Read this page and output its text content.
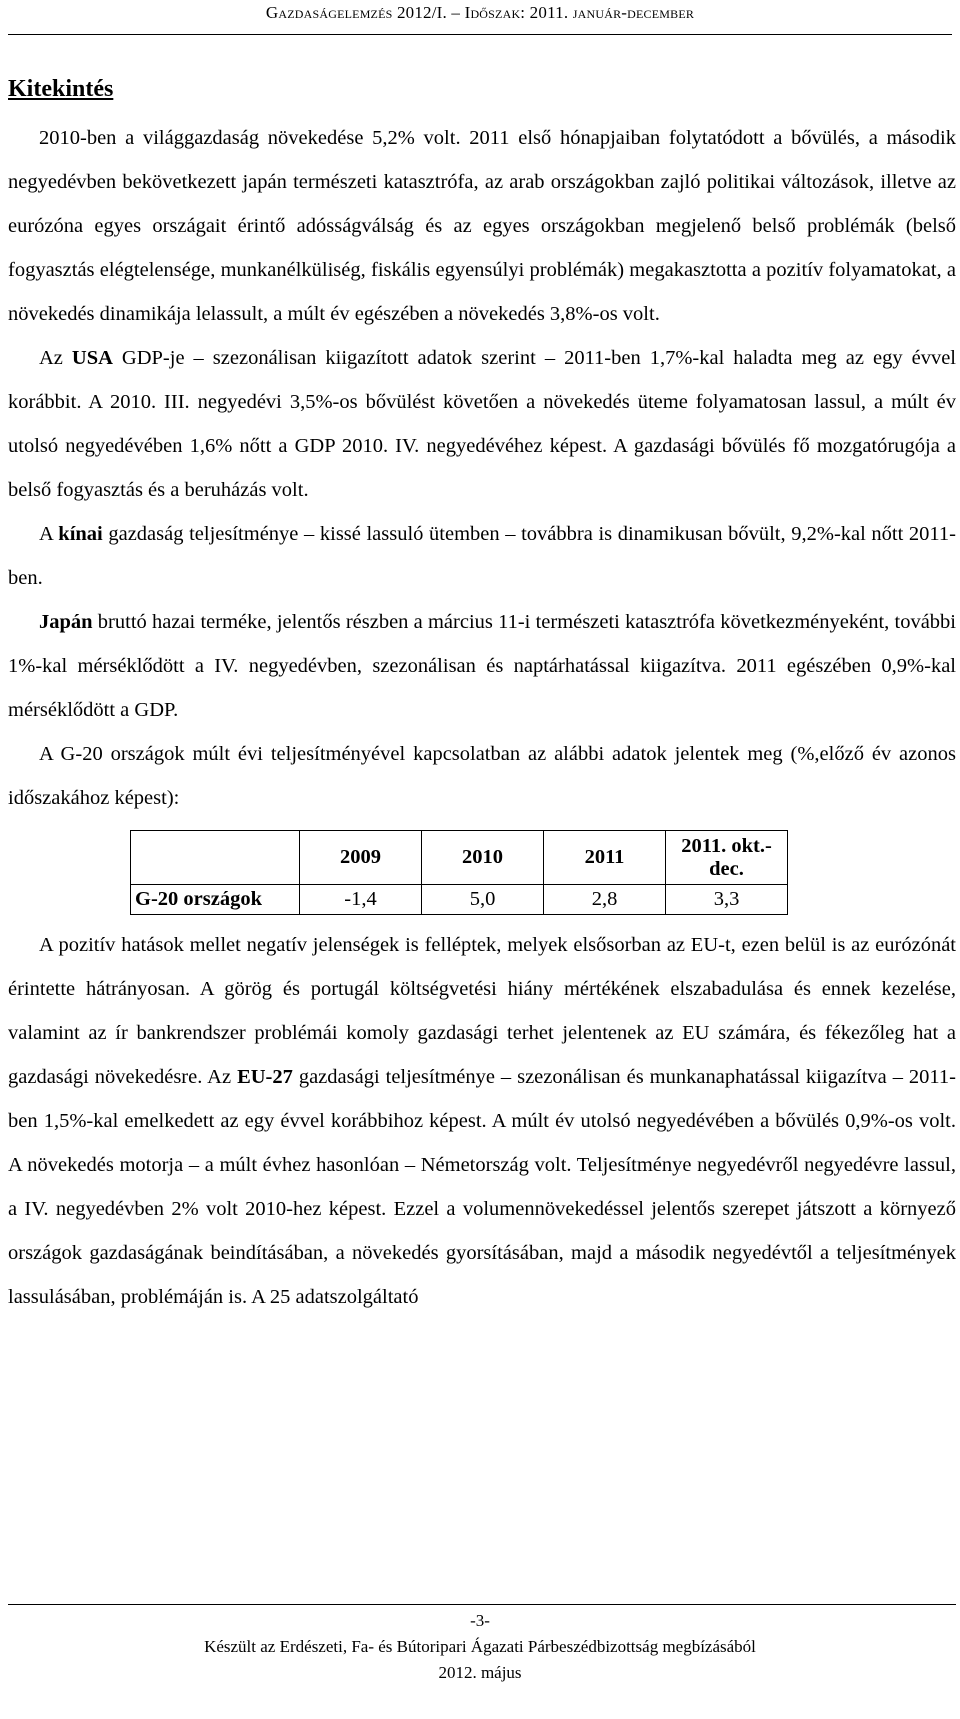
Gazdaságelemzés 2012/I. – Időszak: 2011. január-december
Kitekintés

2010-ben a világgazdaság növekedése 5,2% volt. 2011 első hónapjaiban folytatódott a bővülés, a második negyedévben bekövetkezett japán természeti katasztrófa, az arab országokban zajló politikai változások, illetve az eurózóna egyes országait érintő adósságválság és az egyes országokban megjelenő belső problémák (belső fogyasztás elégtelensége, munkanélküliség, fiskális egyensúlyi problémák) megakasztotta a pozitív folyamatokat, a növekedés dinamikája lelassult, a múlt év egészében a növekedés 3,8%-os volt.

Az USA GDP-je – szezonálisan kiigazított adatok szerint – 2011-ben 1,7%-kal haladta meg az egy évvel korábbit. A 2010. III. negyedévi 3,5%-os bővülést követően a növekedés üteme folyamatosan lassul, a múlt év utolsó negyedévében 1,6% nőtt a GDP 2010. IV. negyedévéhez képest. A gazdasági bővülés fő mozgatórugója a belső fogyasztás és a beruházás volt.

A kínai gazdaság teljesítménye – kissé lassuló ütemben – továbbra is dinamikusan bővült, 9,2%-kal nőtt 2011-ben.

Japán bruttó hazai terméke, jelentős részben a március 11-i természeti katasztrófa következményeként, további 1%-kal mérséklődött a IV. negyedévben, szezonálisan és naptárhatással kiigazítva. 2011 egészében 0,9%-kal mérséklődött a GDP.

A G-20 országok múlt évi teljesítményével kapcsolatban az alábbi adatok jelentek meg (%,előző év azonos időszakához képest):

	2009	2010	2011	2011. okt.-dec.
G-20 országok	-1,4	5,0	2,8	3,3

A pozitív hatások mellet negatív jelenségek is felléptek, melyek elsősorban az EU-t, ezen belül is az eurózónát érintette hátrányosan. A görög és portugál költségvetési hiány mértékének elszabadulása és ennek kezelése, valamint az ír bankrendszer problémái komoly gazdasági terhet jelentenek az EU számára, és fékezőleg hat a gazdasági növekedésre. Az EU-27 gazdasági teljesítménye – szezonálisan és munkanaphatással kiigazítva – 2011-ben 1,5%-kal emelkedett az egy évvel korábbihoz képest. A múlt év utolsó negyedévében a bővülés 0,9%-os volt. A növekedés motorja – a múlt évhez hasonlóan – Németország volt. Teljesítménye negyedévről negyedévre lassul, a IV. negyedévben 2% volt 2010-hez képest. Ezzel a volumennövekedéssel jelentős szerepet játszott a környező országok gazdaságának beindításában, a növekedés gyorsításában, majd a második negyedévtől a teljesítmények lassulásában, problémáján is. A 25 adatszolgáltató

-3-
Készült az Erdészeti, Fa- és Bútoripari Ágazati Párbeszédbizottság megbízásából
2012. május
